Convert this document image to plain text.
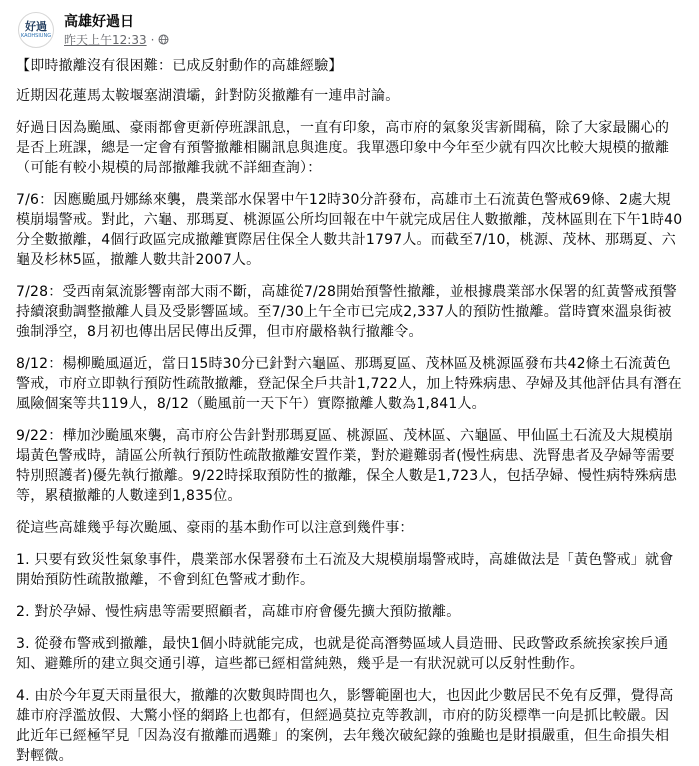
好過
KAOHSIUNG
高雄好過日
昨天上午12:33 ·

【即時撤離沒有很困難：已成反射動作的高雄經驗】

近期因花蓮馬太鞍堰塞湖潰壩，針對防災撤離有一連串討論。

好過日因為颱風、豪雨都會更新停班課訊息，一直有印象，高市府的氣象災害新聞稿，除了大家最關心的是否上班課，總是一定會有預警撤離相關訊息與進度。我單憑印象中今年至少就有四次比較大規模的撤離（可能有較小規模的局部撤離我就不詳細查詢）：

7/6：因應颱風丹娜絲來襲，農業部水保署中午12時30分許發布，高雄市土石流黃色警戒69條、2處大規模崩塌警戒。對此，六龜、那瑪夏、桃源區公所均回報在中午就完成居住人數撤離，茂林區則在下午1時40分全數撤離，4個行政區完成撤離實際居住保全人數共計1797人。而截至7/10，桃源、茂林、那瑪夏、六龜及杉林5區，撤離人數共計2007人。

7/28：受西南氣流影響南部大雨不斷，高雄從7/28開始預警性撤離，並根據農業部水保署的紅黃警戒預警持續滾動調整撤離人員及受影響區域。至7/30上午全市已完成2,337人的預防性撤離。當時寶來溫泉街被強制淨空，8月初也傳出居民傳出反彈，但市府嚴格執行撤離令。

8/12：楊柳颱風逼近，當日15時30分已針對六龜區、那瑪夏區、茂林區及桃源區發布共42條土石流黃色警戒，市府立即執行預防性疏散撤離，登記保全戶共計1,722人，加上特殊病患、孕婦及其他評估具有潛在風險個案等共119人，8/12（颱風前一天下午）實際撤離人數為1,841人。

9/22：樺加沙颱風來襲，高市府公告針對那瑪夏區、桃源區、茂林區、六龜區、甲仙區土石流及大規模崩塌黃色警戒時，請區公所執行預防性疏散撤離安置作業，對於避難弱者(慢性病患、洗腎患者及孕婦等需要特別照護者)優先執行撤離。9/22時採取預防性的撤離，保全人數是1,723人，包括孕婦、慢性病特殊病患等，累積撤離的人數達到1,835位。

從這些高雄幾乎每次颱風、豪雨的基本動作可以注意到幾件事：

1. 只要有致災性氣象事件，農業部水保署發布土石流及大規模崩塌警戒時，高雄做法是「黃色警戒」就會開始預防性疏散撤離，不會到紅色警戒才動作。

2. 對於孕婦、慢性病患等需要照顧者，高雄市府會優先擴大預防撤離。

3. 從發布警戒到撤離，最快1個小時就能完成，也就是從高潛勢區域人員造冊、民政警政系統挨家挨戶通知、避難所的建立與交通引導，這些都已經相當純熟，幾乎是一有狀況就可以反射性動作。

4. 由於今年夏天雨量很大，撤離的次數與時間也久，影響範圍也大，也因此少數居民不免有反彈，覺得高雄市府浮濫放假、大驚小怪的網路上也都有，但經過莫拉克等教訓，市府的防災標準一向是抓比較嚴。因此近年已經極罕見「因為沒有撤離而遇難」的案例，去年幾次破紀錄的強颱也是財損嚴重，但生命損失相對輕微。
